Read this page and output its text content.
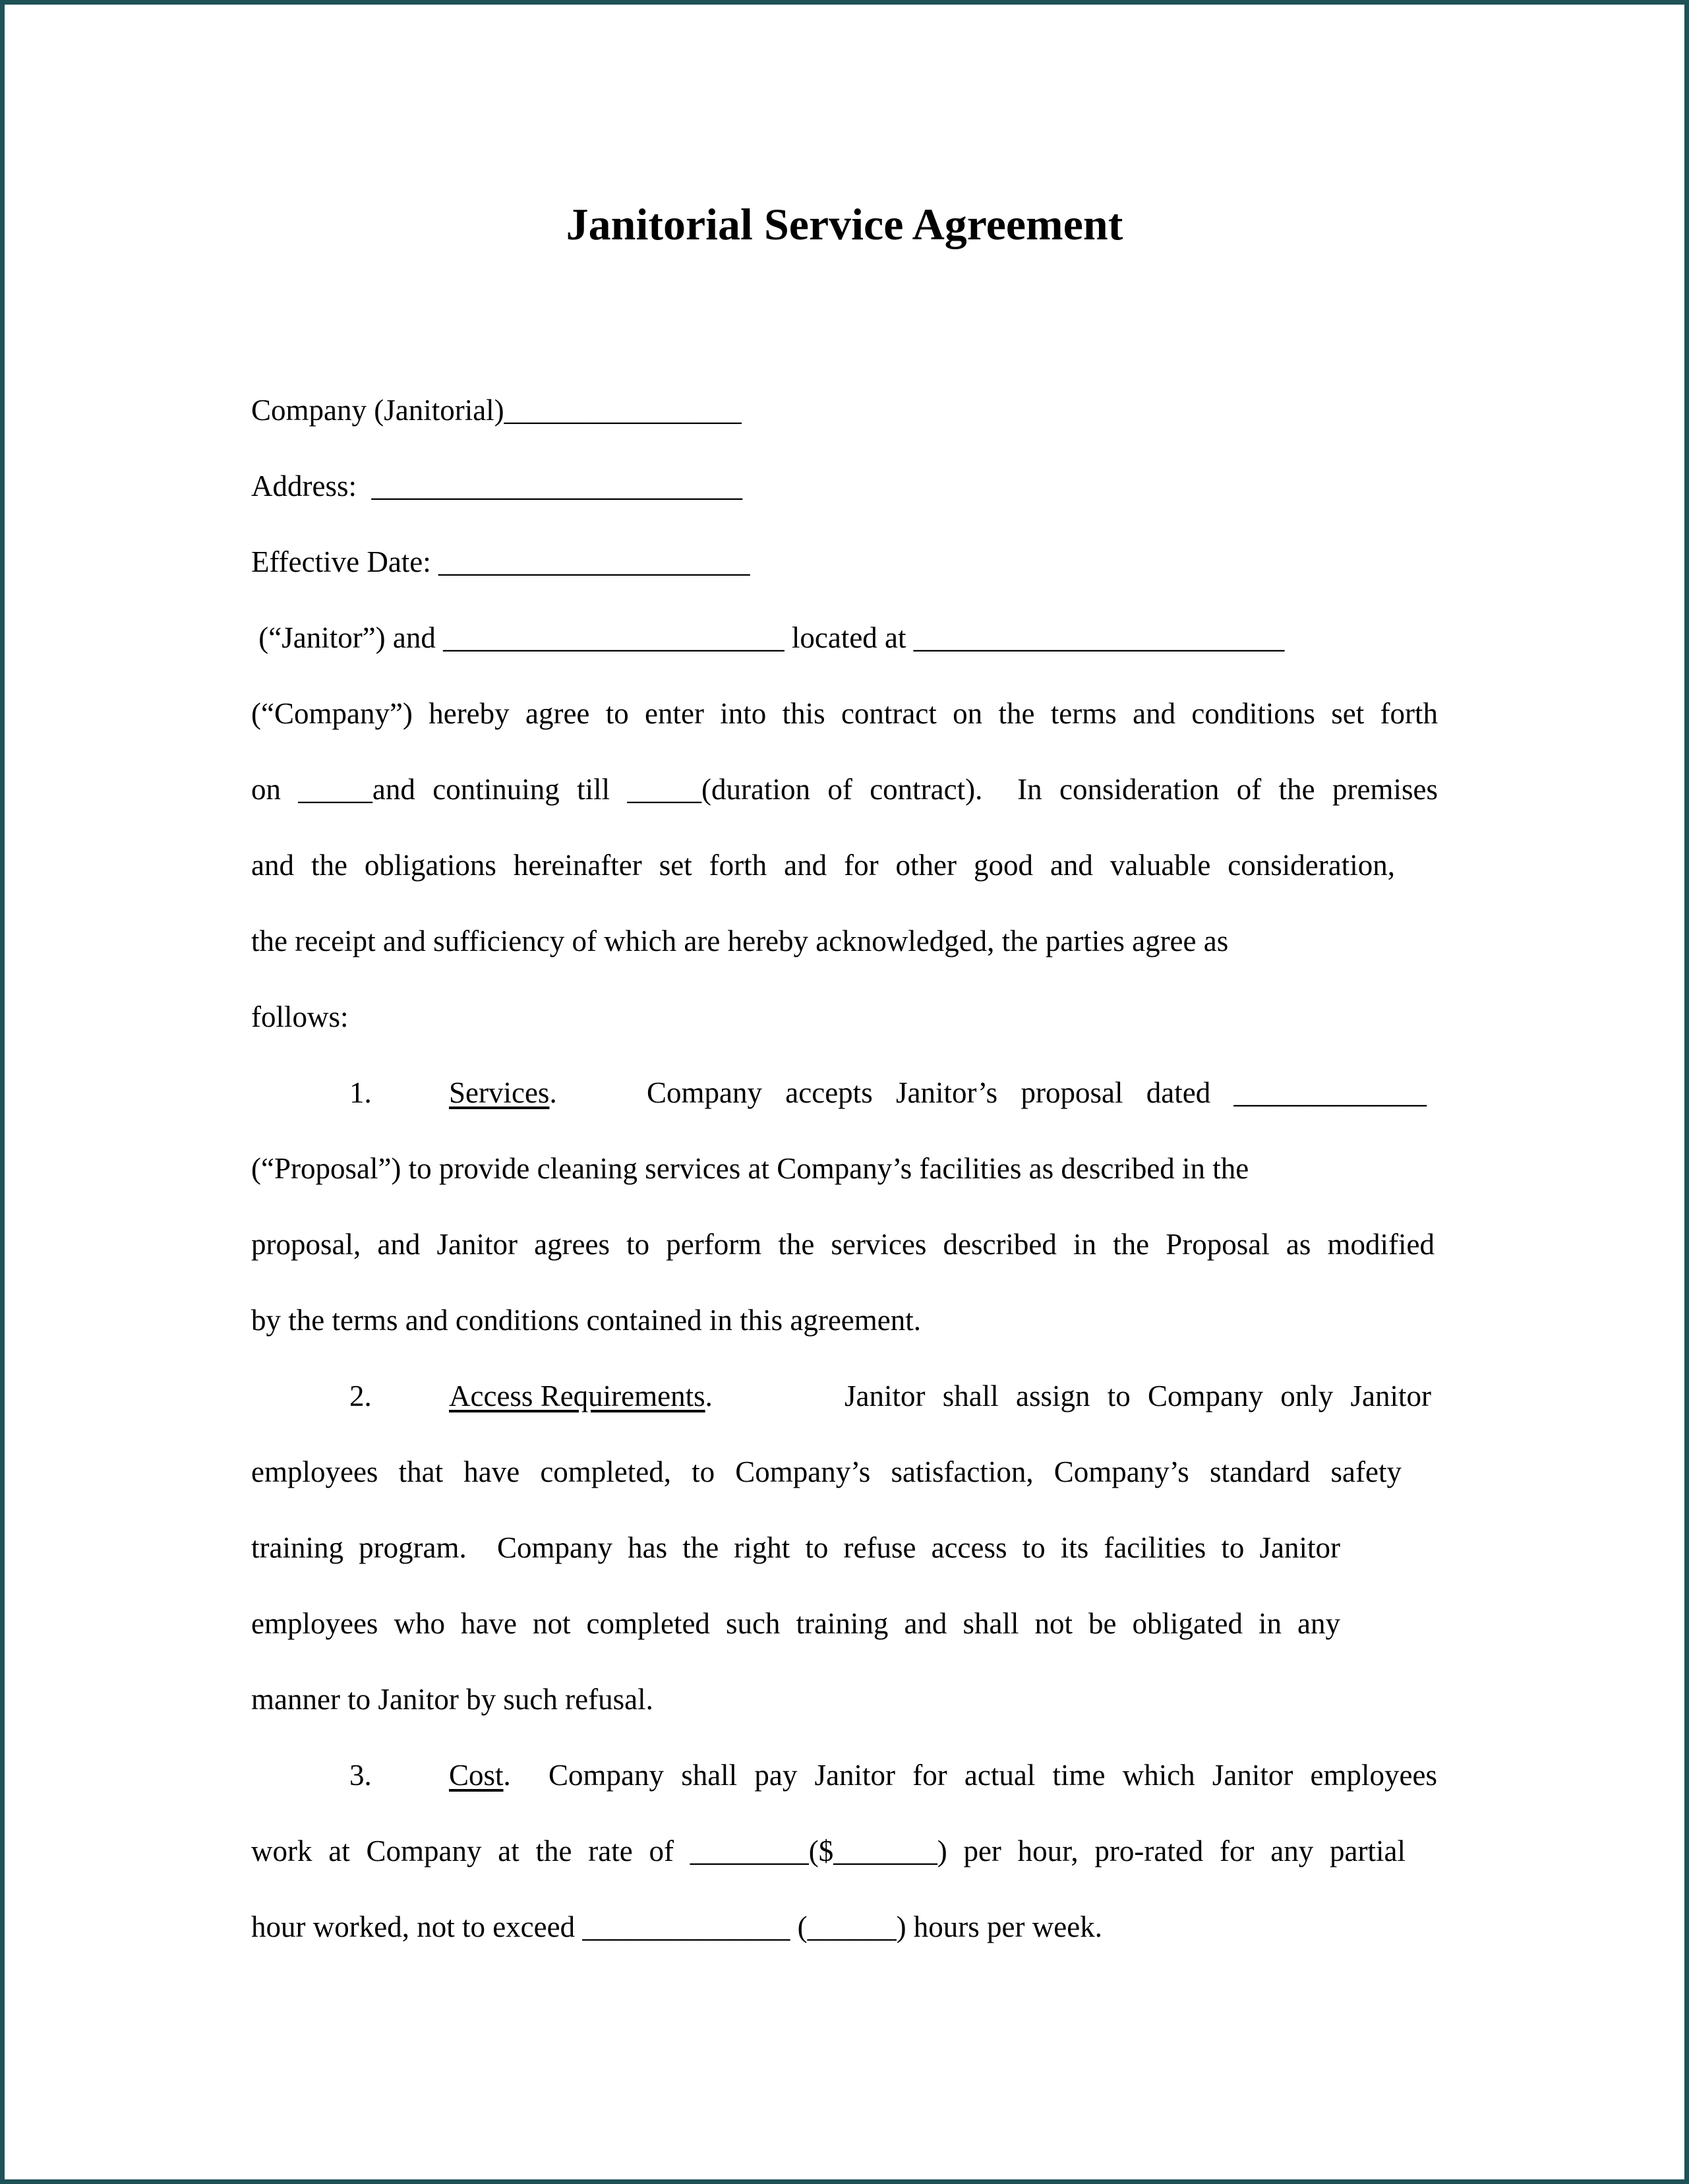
Janitorial Service Agreement
Company (Janitorial)________________
Address:  _________________________
Effective Date: _____________________
(“Janitor”) and _______________________ located at _________________________
(“Company”) hereby agree to enter into this contract on the terms and conditions set forth
on _____and continuing till _____(duration of contract).  In consideration of the premises
and the obligations hereinafter set forth and for other good and valuable consideration,
the receipt and sufficiency of which are hereby acknowledged, the parties agree as
follows:
1.	Services.	Company accepts Janitor’s proposal dated _____________
(“Proposal”) to provide cleaning services at Company’s facilities as described in the
proposal, and Janitor agrees to perform the services described in the Proposal as modified
by the terms and conditions contained in this agreement.
2.	Access Requirements.	Janitor shall assign to Company only Janitor
employees that have completed, to Company’s satisfaction, Company’s standard safety
training program.  Company has the right to refuse access to its facilities to Janitor
employees who have not completed such training and shall not be obligated in any
manner to Janitor by such refusal.
3.	Cost. Company shall pay Janitor for actual time which Janitor employees
work at Company at the rate of ________($_______) per hour, pro-rated for any partial
hour worked, not to exceed ______________ (______) hours per week.
